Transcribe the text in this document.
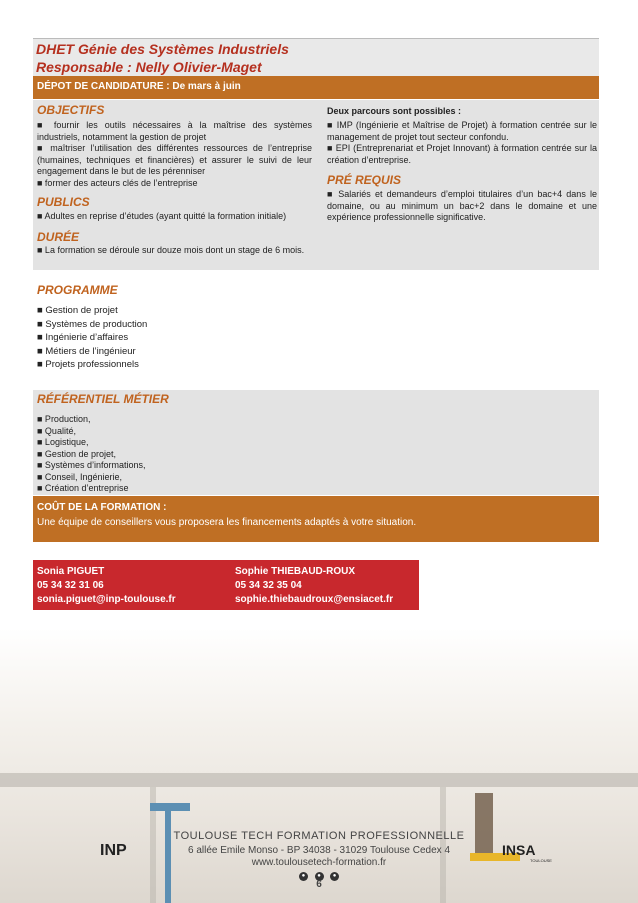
DHET Génie des Systèmes Industriels
Responsable : Nelly Olivier-Maget
DÉPOT DE CANDIDATURE : De mars à juin
OBJECTIFS
■ fournir les outils nécessaires à la maîtrise des systèmes industriels, notamment la gestion de projet
■ maîtriser l’utilisation des différentes ressources de l’entreprise (humaines, techniques et financières) et assurer le suivi de leur engagement dans le but de les pérenniser
■ former des acteurs clés de l’entreprise
PUBLICS
■ Adultes en reprise d’études (ayant quitté la formation initiale)
DURÉE
■ La formation se déroule sur douze mois dont un stage de 6 mois.
Deux parcours sont possibles :
■ IMP (Ingénierie et Maîtrise de Projet) à formation centrée sur le management de projet tout secteur confondu.
■ EPI (Entreprenariat et Projet Innovant) à formation centrée sur la création d’entreprise.
PRÉ REQUIS
■ Salariés et demandeurs d’emploi titulaires d’un bac+4 dans le domaine, ou au minimum un bac+2 dans le domaine et une expérience professionnelle significative.
PROGRAMME
■ Gestion de projet
■ Systèmes de production
■ Ingénierie d’affaires
■ Métiers de l’ingénieur
■ Projets professionnels
RÉFÉRENTIEL MÉTIER
■ Production,
■ Qualité,
■ Logistique,
■ Gestion de projet,
■ Systèmes d’informations,
■ Conseil, Ingénierie,
■ Création d’entreprise
COÛT DE LA FORMATION :
Une équipe de conseillers vous proposera les financements adaptés à votre situation.
Sonia PIGUET
05 34 32 31 06
sonia.piguet@inp-toulouse.fr
Sophie THIEBAUD-ROUX
05 34 32 35 04
sophie.thiebaudroux@ensiacet.fr
INP	INSA
TOULOUSE
TOULOUSE TECH FORMATION PROFESSIONNELLE
6 allée Emile Monso - BP 34038 - 31029 Toulouse Cedex 4
www.toulousetech-formation.fr
● ● ●
6
